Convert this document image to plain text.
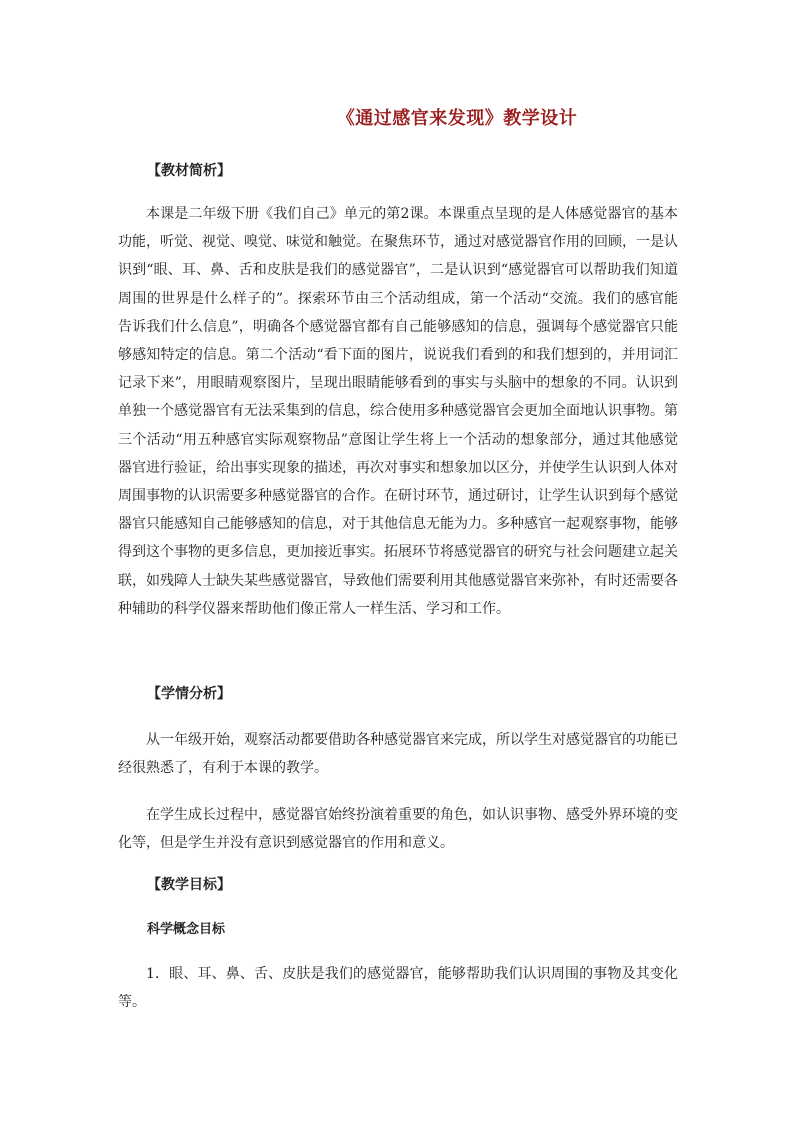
《通过感官来发现》教学设计
【教材简析】
本课是二年级下册《我们自己》单元的第2课。本课重点呈现的是人体感觉器官的基本功能，听觉、视觉、嗅觉、味觉和触觉。在聚焦环节，通过对感觉器官作用的回顾，一是认识到“眼、耳、鼻、舌和皮肤是我们的感觉器官”，二是认识到“感觉器官可以帮助我们知道周围的世界是什么样子的”。探索环节由三个活动组成，第一个活动“交流。我们的感官能告诉我们什么信息”，明确各个感觉器官都有自己能够感知的信息，强调每个感觉器官只能够感知特定的信息。第二个活动“看下面的图片，说说我们看到的和我们想到的，并用词汇记录下来”，用眼睛观察图片，呈现出眼睛能够看到的事实与头脑中的想象的不同。认识到单独一个感觉器官有无法采集到的信息，综合使用多种感觉器官会更加全面地认识事物。第三个活动“用五种感官实际观察物品”意图让学生将上一个活动的想象部分，通过其他感觉器官进行验证，给出事实现象的描述，再次对事实和想象加以区分，并使学生认识到人体对周围事物的认识需要多种感觉器官的合作。在研讨环节，通过研讨，让学生认识到每个感觉器官只能感知自己能够感知的信息，对于其他信息无能为力。多种感官一起观察事物，能够得到这个事物的更多信息，更加接近事实。拓展环节将感觉器官的研究与社会问题建立起关联，如残障人士缺失某些感觉器官，导致他们需要利用其他感觉器官来弥补，有时还需要各种辅助的科学仪器来帮助他们像正常人一样生活、学习和工作。
【学情分析】
从一年级开始，观察活动都要借助各种感觉器官来完成，所以学生对感觉器官的功能已经很熟悉了，有利于本课的教学。
在学生成长过程中，感觉器官始终扮演着重要的角色，如认识事物、感受外界环境的变化等，但是学生并没有意识到感觉器官的作用和意义。
【教学目标】
科学概念目标
1．眼、耳、鼻、舌、皮肤是我们的感觉器官，能够帮助我们认识周围的事物及其变化等。
